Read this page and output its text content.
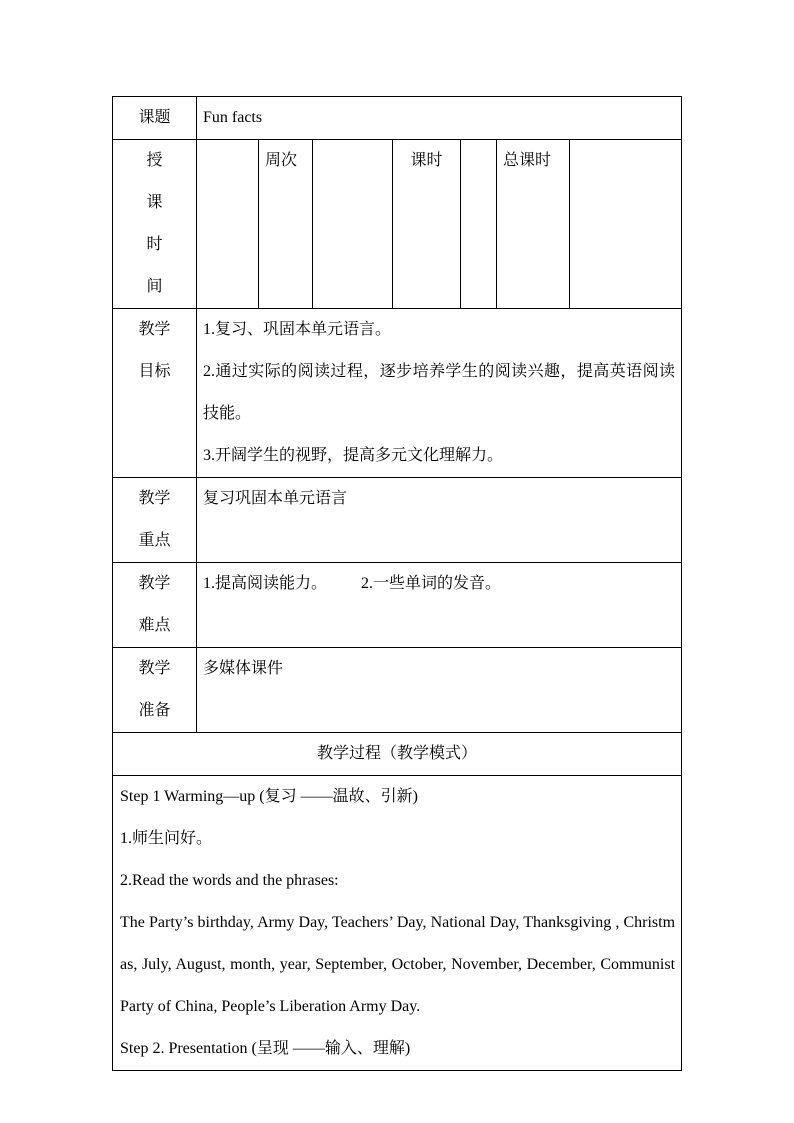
课题	Fun facts						
授课时间		周次		课时		总课时	
教学目标	1.复习、巩固本单元语言。
2.通过实际的阅读过程，逐步培养学生的阅读兴趣，提高英语阅读技能。
3.开阔学生的视野，提高多元文化理解力。						

教学重点	复习巩固本单元语言						
教学难点	1.提高阅读能力。 2.一些单词的发音。						
教学准备	多媒体课件						
教学过程（教学模式）							

Step 1 Warming—up (复习 ——温故、引新)
1.师生问好。
2.Read the words and the phrases:
The Party’s birthday, Army Day, Teachers’ Day, National Day, Thanksgiving , Christmas, July, August, month, year, September, October, November, December, Communist Party of China, People’s Liberation Army Day.
Step 2. Presentation (呈现 ——输入、理解)							
